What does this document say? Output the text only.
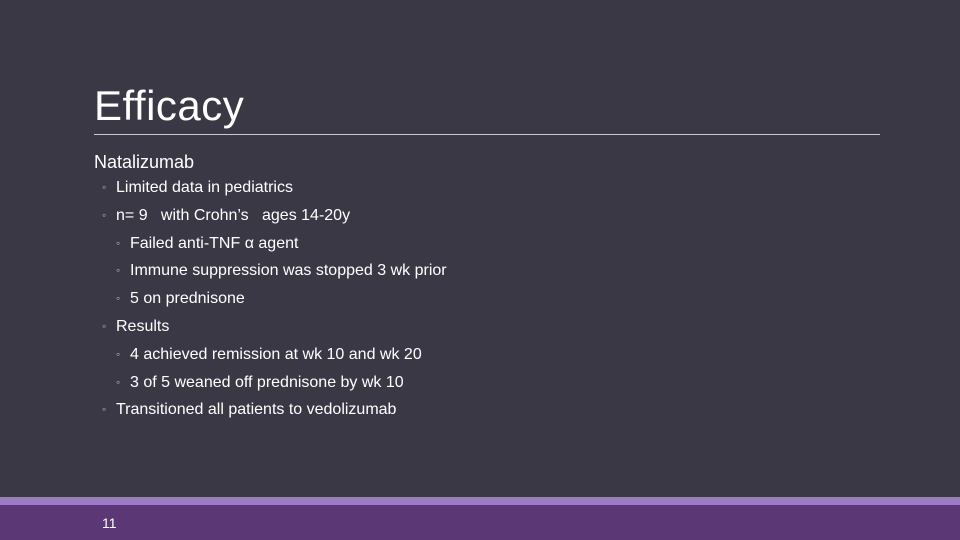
Efficacy

Natalizumab

◦ Limited data in pediatrics
◦ n= 9   with Crohn’s   ages 14-20y
◦ Failed anti-TNF α agent
◦ Immune suppression was stopped 3 wk prior
◦ 5 on prednisone
◦ Results
◦ 4 achieved remission at wk 10 and wk 20
◦ 3 of 5 weaned off prednisone by wk 10
◦ Transitioned all patients to vedolizumab
11
